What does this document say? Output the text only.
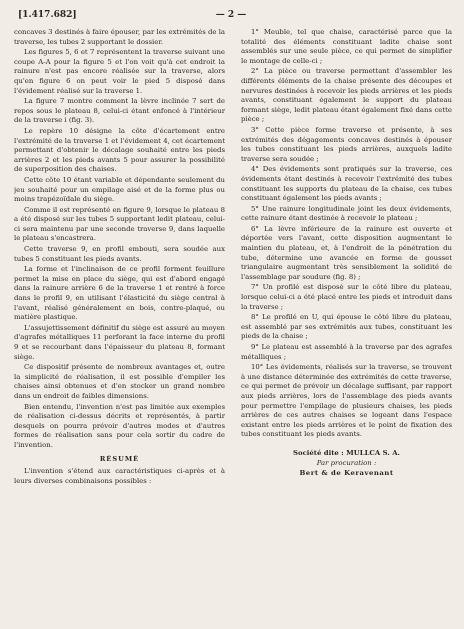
[1.417.682]	— 2 —

concaves 3 destinés à faire épouser, par les extrémités de la traverse, les tubes 2 supportant le dossier.

Les figures 5, 6 et 7 représentent la traverse suivant une coupe A-A pour la figure 5 et l'on voit qu'à cet endroit la rainure n'est pas encore réalisée sur la traverse, alors qu'en figure 6 on peut voir le pied 5 disposé dans l'évidement réalisé sur la traverse 1.

La figure 7 montre comment la lèvre inclinée 7 sert de repos sous le plateau 8, celui-ci étant enfoncé à l'intérieur de la traverse i (fig. 3).

Le repère 10 désigne la côte d'écartement entre l'extrémité de la traverse 1 et l'évidement 4, cet écartement permettant d'obtenir le décalage souhaité entre les pieds arrières 2 et les pieds avants 5 pour assurer la possibilité de superposition des chaises.

Cette côte 10 étant variable et dépendante seulement du jeu souhaité pour un empilage aisé et de la forme plus ou moins trapézoïdale du siège.

Comme il est représenté en figure 9, lorsque le plateau 8 a été disposé sur les tubes 5 supportant ledit plateau, celui-ci sera maintenu par une seconde traverse 9, dans laquelle le plateau s'encastrera.

Cette traverse 9, en profil embouti, sera soudée aux tubes 5 constituant les pieds avants.

La forme et l'inclinaison de ce profil forment feuillure permet la mise en place du siège, qui est d'abord engagé dans la rainure arrière 6 de la traverse 1 et rentré à force dans le profil 9, en utilisant l'élasticité du siège central à l'avant, réalisé généralement en bois, contre-plaqué, ou matière plastique.

L'assujettissement définitif du siège est assuré au moyen d'agrafes métalliques 11 perforant la face interne du profil 9 et se recourbant dans l'épaisseur du plateau 8, formant siège.

Ce dispositif présente de nombreux avantages et, outre la simplicité de réalisation, il est possible d'empiler les chaises ainsi obtenues et d'en stocker un grand nombre dans un endroit de faibles dimensions.

Bien entendu, l'invention n'est pas limitée aux exemples de réalisation ci-dessus décrits et représentés, à partir desquels on pourra prévoir d'autres modes et d'autres formes de réalisation sans pour cela sortir du cadre de l'invention.

RÉSUMÉ

L'invention s'étend aux caractéristiques ci-après et à leurs diverses combinaisons possibles :

1° Meuble, tel que chaise, caractérisé parce que la totalité des éléments constituant ladite chaise sont assemblés sur une seule pièce, ce qui permet de simplifier le montage de celle-ci ;

2° La pièce ou traverse permettant d'assembler les différents éléments de la chaise présente des découpes et nervures destinées à recevoir les pieds arrières et les pieds avants, constituant également le support du plateau formant siège, ledit plateau étant également fixé dans cette pièce ;

3° Cette pièce forme traverse et présente, à ses extrémités des dégagements concaves destinés à épouser les tubes constituant les pieds arrières, auxquels ladite traverse sera soudée ;

4° Des évidements sont pratiqués sur la traverse, ces évidements étant destinés à recevoir l'extrémité des tubes constituant les supports du plateau de la chaise, ces tubes constituant également les pieds avants ;

5° Une rainure longitudinale joint les deux évidements, cette rainure étant destinée à recevoir le plateau ;

6° La lèvre inférieure de la rainure est ouverte et déportée vers l'avant, cette disposition augmentant le maintien du plateau, et, à l'endroit de la pénétration du tube, détermine une avancée en forme de gousset triangulaire augmentant très sensiblement la solidité de l'assemblage par soudure (fig. 8) ;

7° Un profilé est disposé sur le côté libre du plateau, lorsque celui-ci a été placé entre les pieds et introduit dans la traverse ;

8° Le profilé en U, qui épouse le côté libre du plateau, est assemblé par ses extrémités aux tubes, constituant les pieds de la chaise ;

9° Le plateau est assemblé à la traverse par des agrafes métalliques ;

10° Les évidements, réalisés sur la traverse, se trouvent à une distance déterminée des extrémités de cette traverse, ce qui permet de prévoir un décalage suffisant, par rapport aux pieds arrières, lors de l'assemblage des pieds avants pour permettre l'empilage de plusieurs chaises, les pieds arrières de ces autres chaises se logeant dans l'espace existant entre les pieds arrières et le point de fixation des tubes constituant les pieds avants.

Société dite : MULLCA S. A.
Par procuration :
Bert & de Keravenant
